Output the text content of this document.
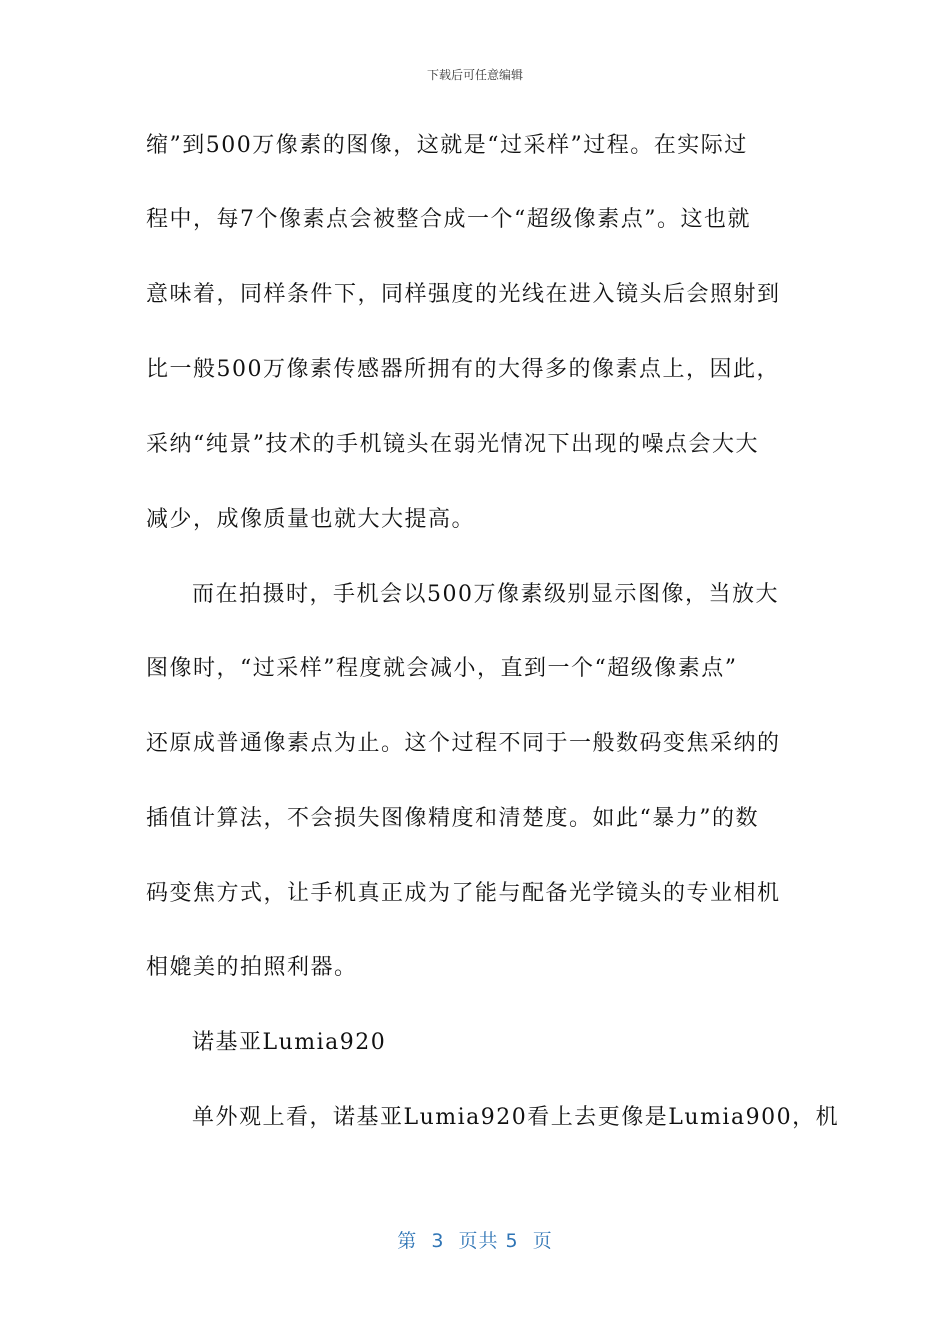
下载后可任意编辑
缩”到500万像素的图像，这就是“过采样”过程。在实际过
程中，每7个像素点会被整合成一个“超级像素点”。这也就
意味着，同样条件下，同样强度的光线在进入镜头后会照射到
比一般500万像素传感器所拥有的大得多的像素点上，因此，
采纳“纯景”技术的手机镜头在弱光情况下出现的噪点会大大
减少，成像质量也就大大提高。
而在拍摄时，手机会以500万像素级别显示图像，当放大
图像时，“过采样”程度就会减小，直到一个“超级像素点”
还原成普通像素点为止。这个过程不同于一般数码变焦采纳的
插值计算法，不会损失图像精度和清楚度。如此“暴力”的数
码变焦方式，让手机真正成为了能与配备光学镜头的专业相机
相媲美的拍照利器。
诺基亚Lumia920
单外观上看，诺基亚Lumia920看上去更像是Lumia900，机
第  3  页共 5  页
